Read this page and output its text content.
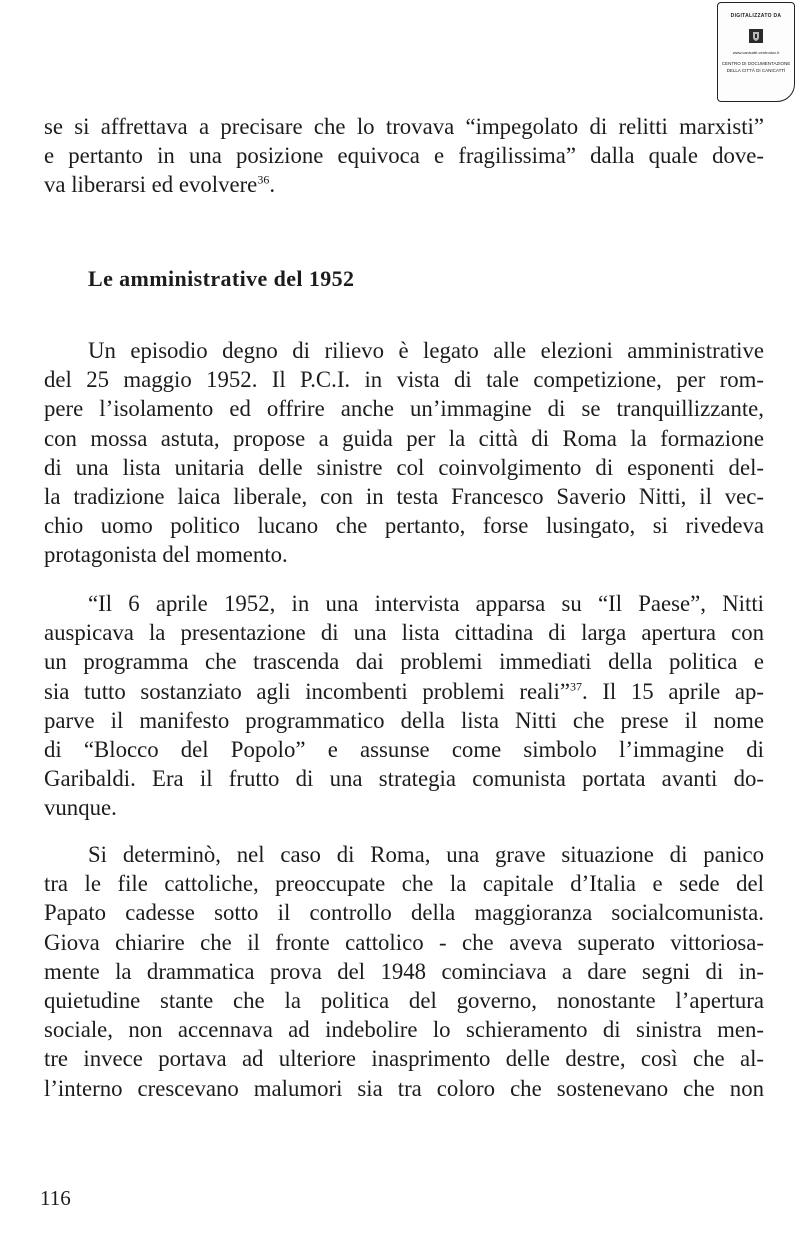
DIGITALIZZATO DA
www.canicattì-centrodoc.it
CENTRO DI DOCUMENTAZIONE
DELLA CITTÀ DI CANICATTÌ
se si affrettava a precisare che lo trovava “impegolato di relitti marxisti”
e pertanto in una posizione equivoca e fragilissima” dalla quale dove-
va liberarsi ed evolvere$^{36}$.
Le amministrative del 1952
Un episodio degno di rilievo è legato alle elezioni amministrative
del 25 maggio 1952. Il P.C.I. in vista di tale competizione, per rom-
pere l’isolamento ed offrire anche un’immagine di se tranquillizzante,
con mossa astuta, propose a guida per la città di Roma la formazione
di una lista unitaria delle sinistre col coinvolgimento di esponenti del-
la tradizione laica liberale, con in testa Francesco Saverio Nitti, il vec-
chio uomo politico lucano che pertanto, forse lusingato, si rivedeva
protagonista del momento.
“Il 6 aprile 1952, in una intervista apparsa su “Il Paese”, Nitti
auspicava la presentazione di una lista cittadina di larga apertura con
un programma che trascenda dai problemi immediati della politica e
sia tutto sostanziato agli incombenti problemi reali”$^{37}$. Il 15 aprile ap-
parve il manifesto programmatico della lista Nitti che prese il nome
di “Blocco del Popolo” e assunse come simbolo l’immagine di
Garibaldi. Era il frutto di una strategia comunista portata avanti do-
vunque.
Si determinò, nel caso di Roma, una grave situazione di panico
tra le file cattoliche, preoccupate che la capitale d’Italia e sede del
Papato cadesse sotto il controllo della maggioranza socialcomunista.
Giova chiarire che il fronte cattolico - che aveva superato vittoriosa-
mente la drammatica prova del 1948 cominciava a dare segni di in-
quietudine stante che la politica del governo, nonostante l’apertura
sociale, non accennava ad indebolire lo schieramento di sinistra men-
tre invece portava ad ulteriore inasprimento delle destre, così che al-
l’interno crescevano malumori sia tra coloro che sostenevano che non
116
